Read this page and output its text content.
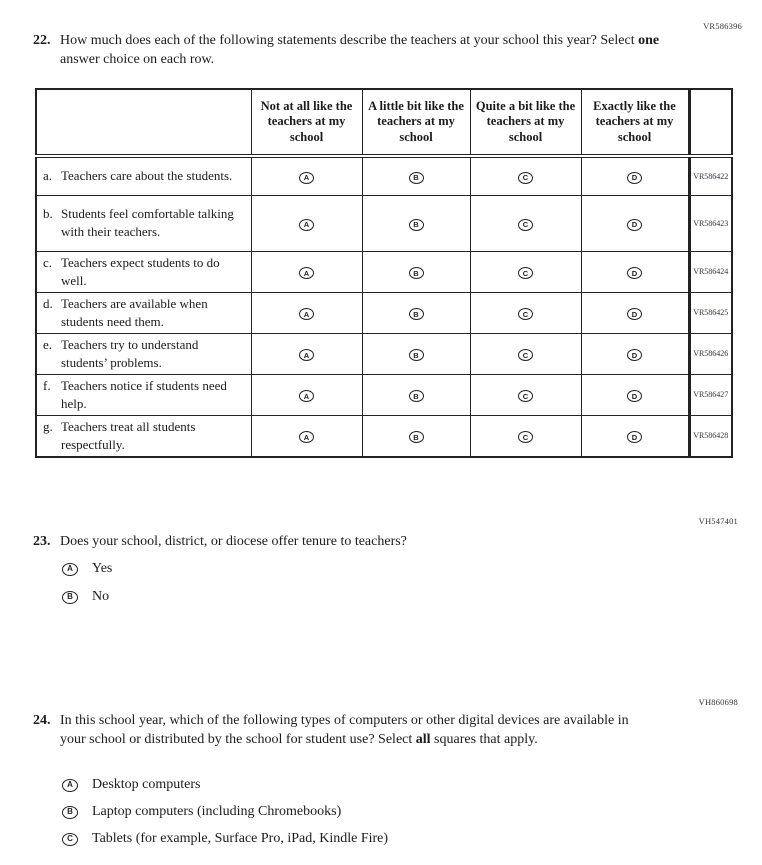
VR586396
22. How much does each of the following statements describe the teachers at your school this year? Select one answer choice on each row.
	Not at all like the teachers at my school	A little bit like the teachers at my school	Quite a bit like the teachers at my school	Exactly like the teachers at my school	

a. Teachers care about the students.	A	B	C	D	VR586422

b. Students feel comfortable talking with their teachers.	A	B	C	D	VR586423

c. Teachers expect students to do well.	A	B	C	D	VR586424

d. Teachers are available when students need them.	A	B	C	D	VR586425

e. Teachers try to understand students’ problems.	A	B	C	D	VR586426

f. Teachers notice if students need help.	A	B	C	D	VR586427

g. Teachers treat all students respectfully.	A	B	C	D	VR586428
VH547401
23. Does your school, district, or diocese offer tenure to teachers?
A	Yes
B	No
VH860698
24. In this school year, which of the following types of computers or other digital devices are available in your school or distributed by the school for student use? Select all squares that apply.
A	Desktop computers
B	Laptop computers (including Chromebooks)
C	Tablets (for example, Surface Pro, iPad, Kindle Fire)
